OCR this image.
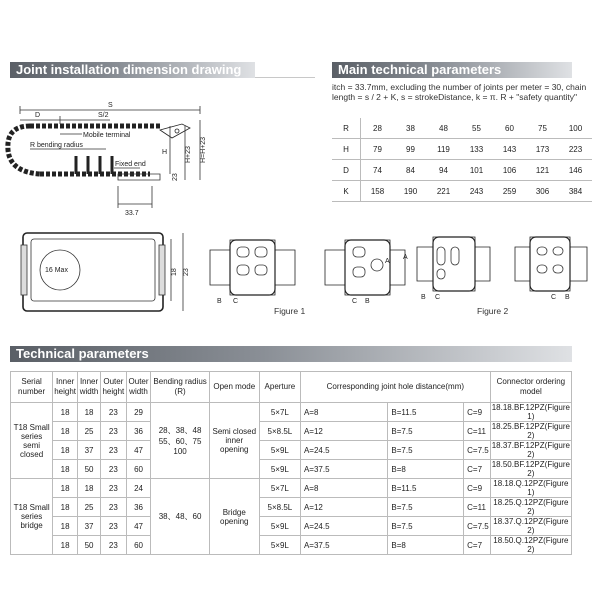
Joint installation dimension drawing	Main technical parameters
itch = 33.7mm, excluding the number of joints per meter = 30, chain length = s / 2 + K, s = strokeDistance, k = π. R + "safety quantity"
R	28	38	48	55	60	75	100
H	79	99	119	133	143	173	223
D	74	84	94	101	106	121	146
K	158	190	221	243	259	306	384
S
S/2
D
Mobile terminal
R bending radius
Fixed end
33.7
H	H+23 H=H+23
23
16 Max	18 23
B C	C B
A
A
B C	C B
Figure 1	Figure 2
Technical parameters
Serial number	Inner height	Inner width	Outer height	Outer width	Bending radius (R)	Open mode	Aperture	Corresponding joint hole distance(mm)			Connector ordering model
T18 Small series semi closed	18	18	23	29	28、38、48 55、60、75 100	Semi closed inner opening	5×7L	A=8	B=11.5	C=9	18.18.BF.12PZ(Figure 1)
	18	25	23	36			5×8.5L	A=12	B=7.5	C=11	18.25.BF.12PZ(Figure 2)
	18	37	23	47			5×9L	A=24.5	B=7.5	C=7.5	18.37.BF.12PZ(Figure 2)
	18	50	23	60			5×9L	A=37.5	B=8	C=7	18.50.BF.12PZ(Figure 2)
T18 Small series bridge	18	18	23	24	38、48、60	Bridge opening	5×7L	A=8	B=11.5	C=9	18.18.Q.12PZ(Figure 1)
	18	25	23	36			5×8.5L	A=12	B=7.5	C=11	18.25.Q.12PZ(Figure 2)
	18	37	23	47			5×9L	A=24.5	B=7.5	C=7.5	18.37.Q.12PZ(Figure 2)
	18	50	23	60			5×9L	A=37.5	B=8	C=7	18.50.Q.12PZ(Figure 2)
